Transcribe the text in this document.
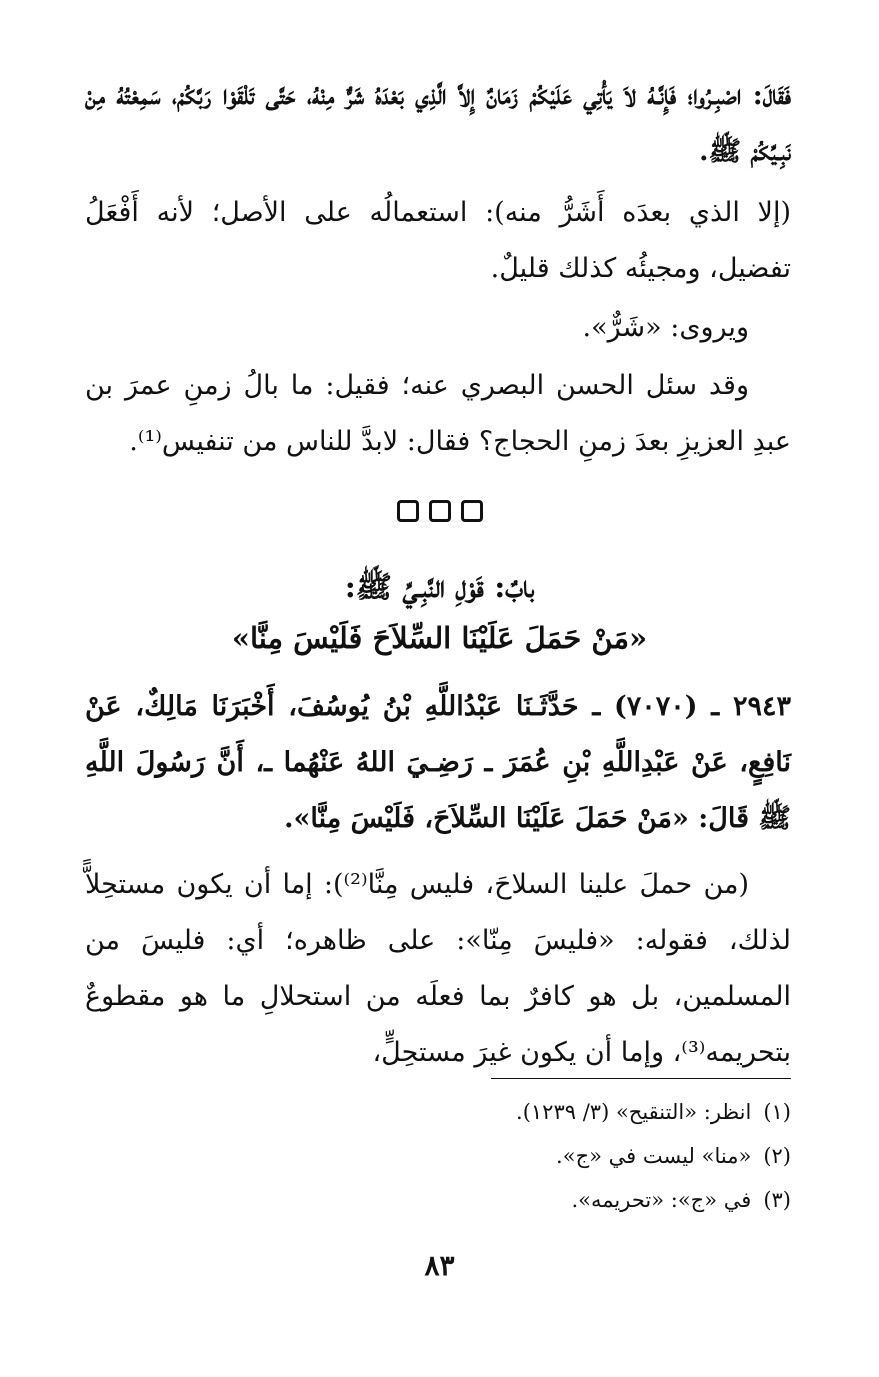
فَقَالَ: اصْبِـرُوا؛ فَإِنَّـهُ لاَ يَأْتِي عَلَيْكُمْ زَمَانٌ إِلاَّ الَّذِي بَعْدَهُ شَرٌّ مِنْهُ، حَتَّى تَلْقَوْا رَبَّكُمْ، سَمِعْتُهُ مِنْ نَبِـيِّكُمْ ﷺ.

(إلا الذي بعدَه أَشَرُّ منه): استعمالُه على الأصل؛ لأنه أَفْعَلُ تفضيل، ومجيئُه كذلك قليلٌ.

ويروى: «شَرٌّ».

وقد سئل الحسن البصري عنه؛ فقيل: ما بالُ زمنِ عمرَ بن عبدِ العزيزِ بعدَ زمنِ الحجاج؟ فقال: لابدَّ للناس من تنفيس⁽¹⁾.

بابٌ: قَوْلِ النَّبِـيِّ ﷺ:
«مَنْ حَمَلَ عَلَيْنَا السِّلاَحَ فَلَيْسَ مِنَّا»

٢٩٤٣ ـ (٧٠٧٠) ـ حَدَّثَـنَا عَبْدُاللَّهِ بْنُ يُوسُفَ، أَخْبَرَنَا مَالِكٌ، عَنْ نَافِعٍ، عَنْ عَبْدِاللَّهِ بْنِ عُمَرَ ـ رَضِـيَ اللهُ عَنْهُما ـ، أَنَّ رَسُولَ اللَّهِ ﷺ قَالَ: «مَنْ حَمَلَ عَلَيْنَا السِّلاَحَ، فَلَيْسَ مِنَّا».

(من حملَ علينا السلاحَ، فليس مِنَّا⁽²⁾): إما أن يكون مستحِلاًّ لذلك، فقوله: «فليسَ مِنّا»: على ظاهره؛ أي: فليسَ من المسلمين، بل هو كافرٌ بما فعلَه من استحلالِ ما هو مقطوعٌ بتحريمه⁽³⁾، وإما أن يكون غيرَ مستحِلٍّ،

(١)انظر: «التنقيح» (٣/ ١٢٣٩).
(٢)«منا» ليست في «ج».
(٣)في «ج»: «تحريمه».
٨٣
